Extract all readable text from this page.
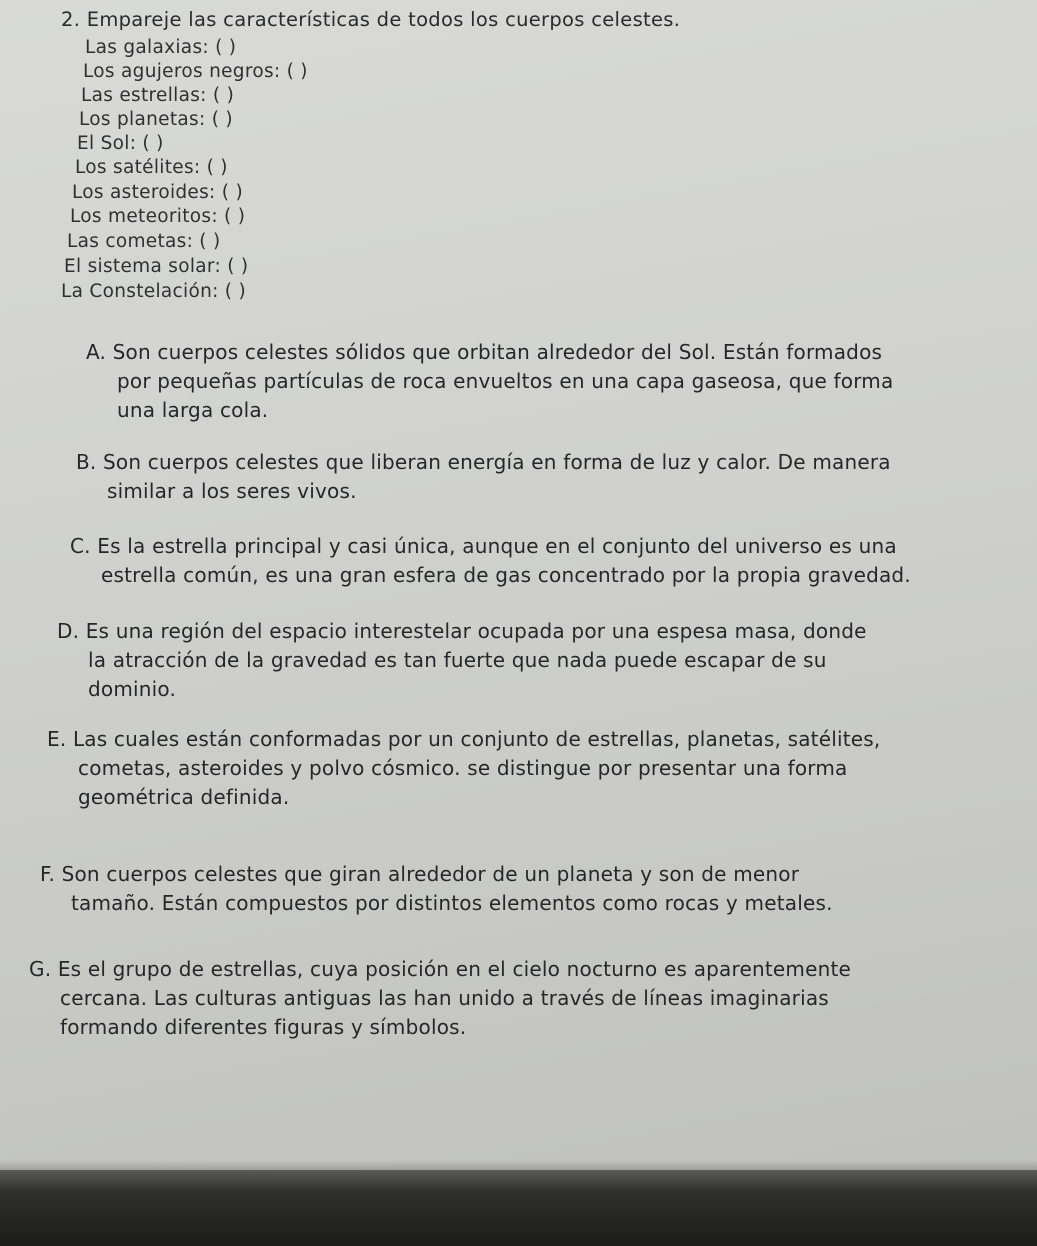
2. Empareje las características de todos los cuerpos celestes.
Las galaxias: ( )
Los agujeros negros: ( )
Las estrellas: ( )
Los planetas: ( )
El Sol: ( )
Los satélites: ( )
Los asteroides: ( )
Los meteoritos: ( )
Las cometas: ( )
El sistema solar: ( )
La Constelación: ( )
A. Son cuerpos celestes sólidos que orbitan alrededor del Sol. Están formados
por pequeñas partículas de roca envueltos en una capa gaseosa, que forma
una larga cola.
B. Son cuerpos celestes que liberan energía en forma de luz y calor. De manera
similar a los seres vivos.
C. Es la estrella principal y casi única, aunque en el conjunto del universo es una
estrella común, es una gran esfera de gas concentrado por la propia gravedad.
D. Es una región del espacio interestelar ocupada por una espesa masa, donde
la atracción de la gravedad es tan fuerte que nada puede escapar de su
dominio.
E. Las cuales están conformadas por un conjunto de estrellas, planetas, satélites,
cometas, asteroides y polvo cósmico. se distingue por presentar una forma
geométrica definida.
F. Son cuerpos celestes que giran alrededor de un planeta y son de menor
tamaño. Están compuestos por distintos elementos como rocas y metales.
G. Es el grupo de estrellas, cuya posición en el cielo nocturno es aparentemente
cercana. Las culturas antiguas las han unido a través de líneas imaginarias
formando diferentes figuras y símbolos.
